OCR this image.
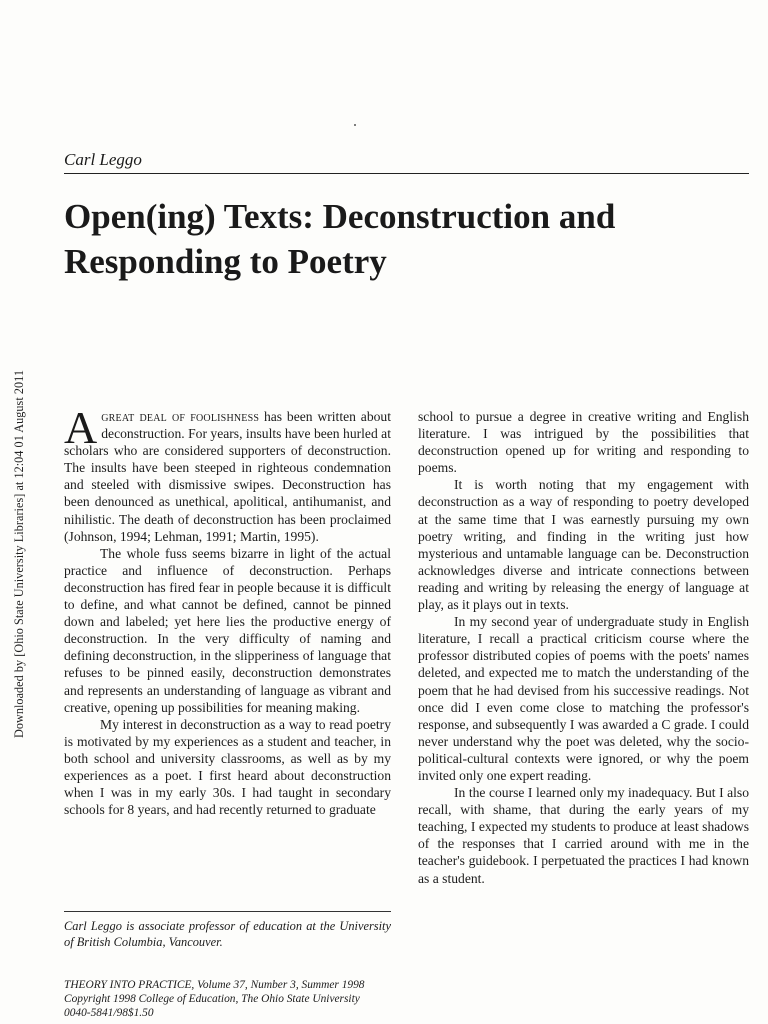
Downloaded by [Ohio State University Libraries] at 12:04 01 August 2011
Carl Leggo
Open(ing) Texts: Deconstruction and Responding to Poetry

Agreat deal of foolishness has been written about deconstruction. For years, insults have been hurled at scholars who are considered supporters of deconstruction. The insults have been steeped in righteous condemnation and steeled with dismissive swipes. Deconstruction has been denounced as unethical, apolitical, antihumanist, and nihilistic. The death of deconstruction has been proclaimed (Johnson, 1994; Lehman, 1991; Martin, 1995).

The whole fuss seems bizarre in light of the actual practice and influence of deconstruction. Perhaps deconstruction has fired fear in people because it is difficult to define, and what cannot be defined, cannot be pinned down and labeled; yet here lies the productive energy of deconstruction. In the very difficulty of naming and defining deconstruction, in the slipperiness of language that refuses to be pinned easily, deconstruction demonstrates and represents an understanding of language as vibrant and creative, opening up possibilities for meaning making.

My interest in deconstruction as a way to read poetry is motivated by my experiences as a student and teacher, in both school and university classrooms, as well as by my experiences as a poet. I first heard about deconstruction when I was in my early 30s. I had taught in secondary schools for 8 years, and had recently returned to graduate

school to pursue a degree in creative writing and English literature. I was intrigued by the possibilities that deconstruction opened up for writing and responding to poems.

It is worth noting that my engagement with deconstruction as a way of responding to poetry developed at the same time that I was earnestly pursuing my own poetry writing, and finding in the writing just how mysterious and untamable language can be. Deconstruction acknowledges diverse and intricate connections between reading and writing by releasing the energy of language at play, as it plays out in texts.

In my second year of undergraduate study in English literature, I recall a practical criticism course where the professor distributed copies of poems with the poets' names deleted, and expected me to match the understanding of the poem that he had devised from his successive readings. Not once did I even come close to matching the professor's response, and subsequently I was awarded a C grade. I could never understand why the poet was deleted, why the socio-political-cultural contexts were ignored, or why the poem invited only one expert reading.

In the course I learned only my inadequacy. But I also recall, with shame, that during the early years of my teaching, I expected my students to produce at least shadows of the responses that I carried around with me in the teacher's guidebook. I perpetuated the practices I had known as a student.

Carl Leggo is associate professor of education at the University of British Columbia, Vancouver.

THEORY INTO PRACTICE, Volume 37, Number 3, Summer 1998
Copyright 1998 College of Education, The Ohio State University
0040-5841/98$1.50
